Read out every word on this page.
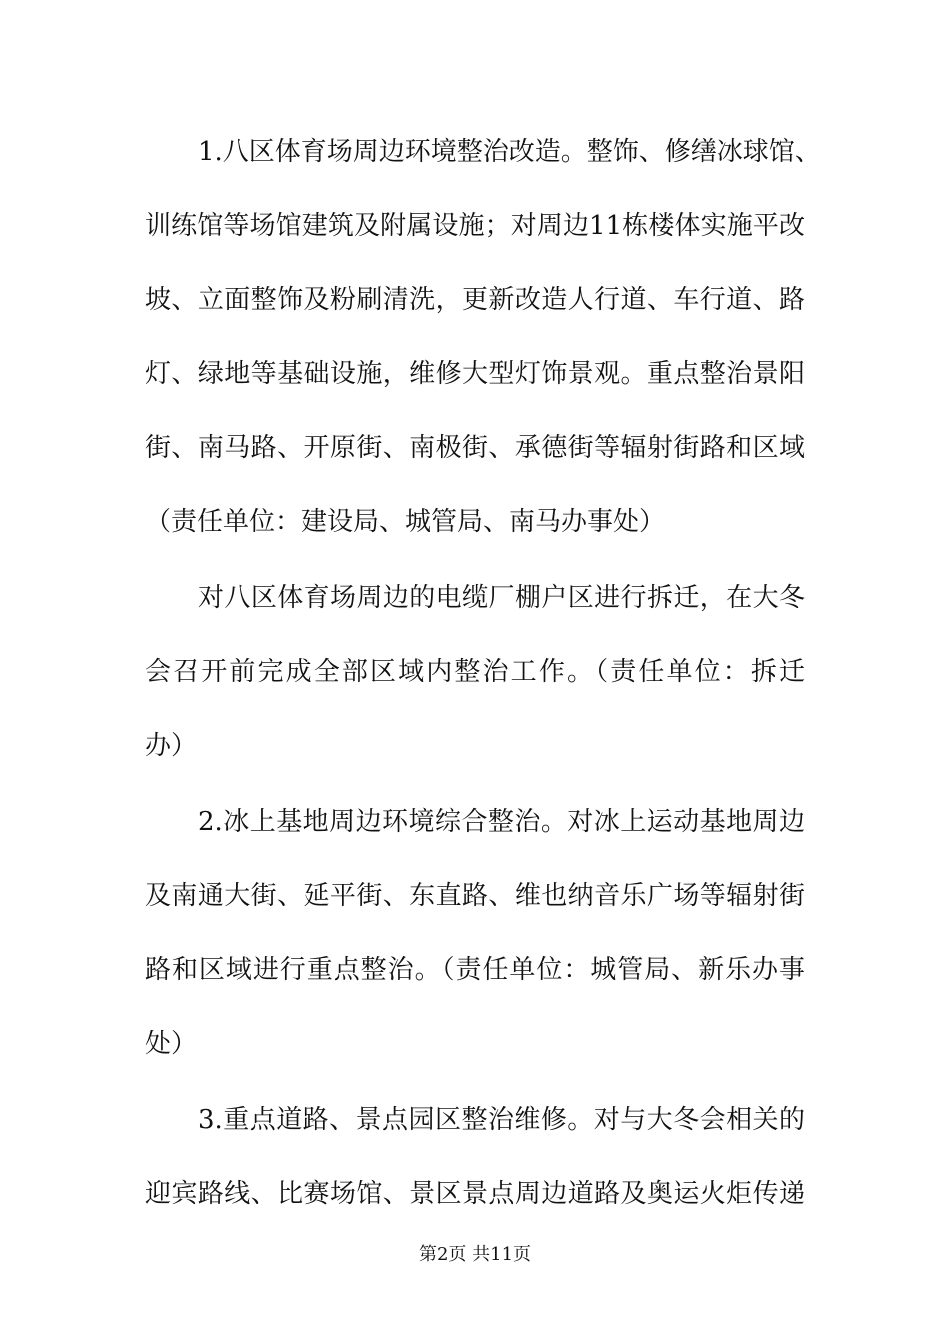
1.八区体育场周边环境整治改造。整饰、修缮冰球馆、
训练馆等场馆建筑及附属设施；对周边11栋楼体实施平改
坡、立面整饰及粉刷清洗，更新改造人行道、车行道、路
灯、绿地等基础设施，维修大型灯饰景观。重点整治景阳
街、南马路、开原街、南极街、承德街等辐射街路和区域
（责任单位：建设局、城管局、南马办事处）
对八区体育场周边的电缆厂棚户区进行拆迁，在大冬
会召开前完成全部区域内整治工作。（责任单位：拆迁
办）
2.冰上基地周边环境综合整治。对冰上运动基地周边
及南通大街、延平街、东直路、维也纳音乐广场等辐射街
路和区域进行重点整治。（责任单位：城管局、新乐办事
处）
3.重点道路、景点园区整治维修。对与大冬会相关的
迎宾路线、比赛场馆、景区景点周边道路及奥运火炬传递
第2页 共11页
